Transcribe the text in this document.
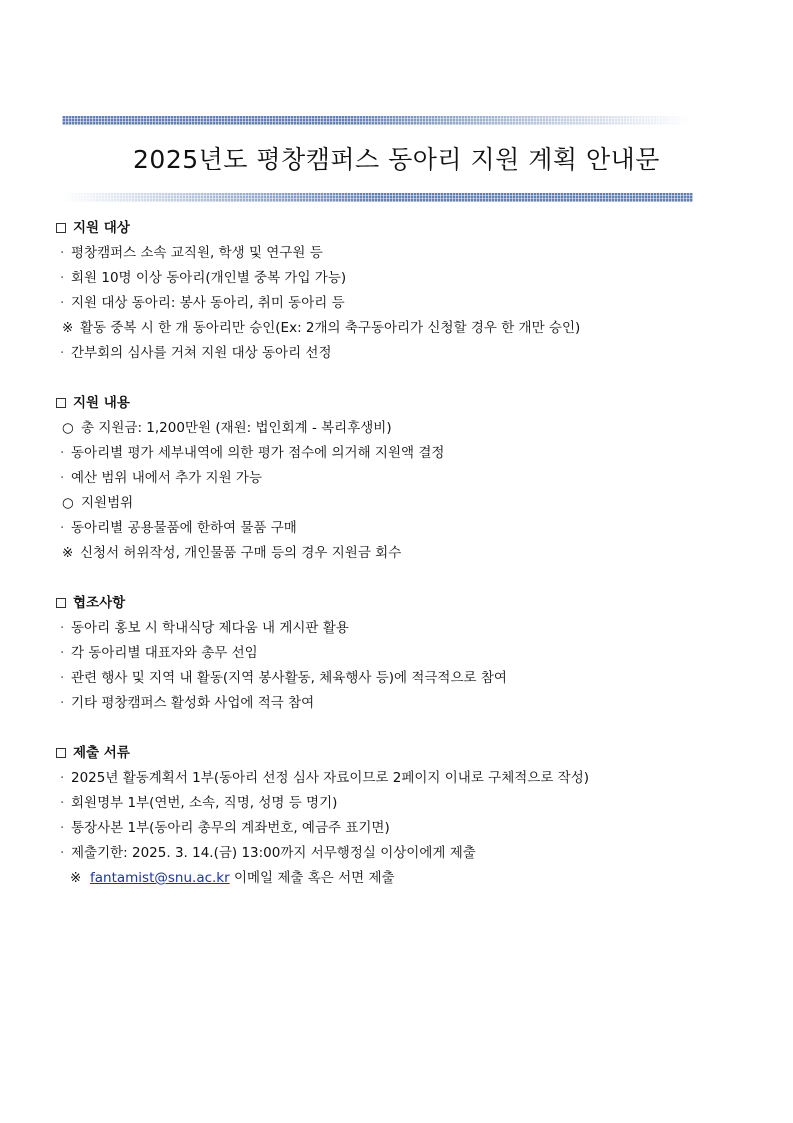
2025년도 평창캠퍼스 동아리 지원 계획 안내문
지원 대상
· 평창캠퍼스 소속 교직원, 학생 및 연구원 등
· 회원 10명 이상 동아리(개인별 중복 가입 가능)
· 지원 대상 동아리: 봉사 동아리, 취미 동아리 등
※ 활동 중복 시 한 개 동아리만 승인(Ex: 2개의 축구동아리가 신청할 경우 한 개만 승인)
· 간부회의 심사를 거쳐 지원 대상 동아리 선정
지원 내용
○ 총 지원금: 1,200만원 (재원: 법인회계 - 복리후생비)
· 동아리별 평가 세부내역에 의한 평가 점수에 의거해 지원액 결정
· 예산 범위 내에서 추가 지원 가능
○ 지원범위
· 동아리별 공용물품에 한하여 물품 구매
※ 신청서 허위작성, 개인물품 구매 등의 경우 지원금 회수
협조사항
· 동아리 홍보 시 학내식당 제다움 내 게시판 활용
· 각 동아리별 대표자와 총무 선임
· 관련 행사 및 지역 내 활동(지역 봉사활동, 체육행사 등)에 적극적으로 참여
· 기타 평창캠퍼스 활성화 사업에 적극 참여
제출 서류
· 2025년 활동계획서 1부(동아리 선정 심사 자료이므로 2페이지 이내로 구체적으로 작성)
· 회원명부 1부(연번, 소속, 직명, 성명 등 명기)
· 통장사본 1부(동아리 총무의 계좌번호, 예금주 표기면)
· 제출기한: 2025. 3. 14.(금) 13:00까지 서무행정실 이상이에게 제출
※ fantamist@snu.ac.kr 이메일 제출 혹은 서면 제출
